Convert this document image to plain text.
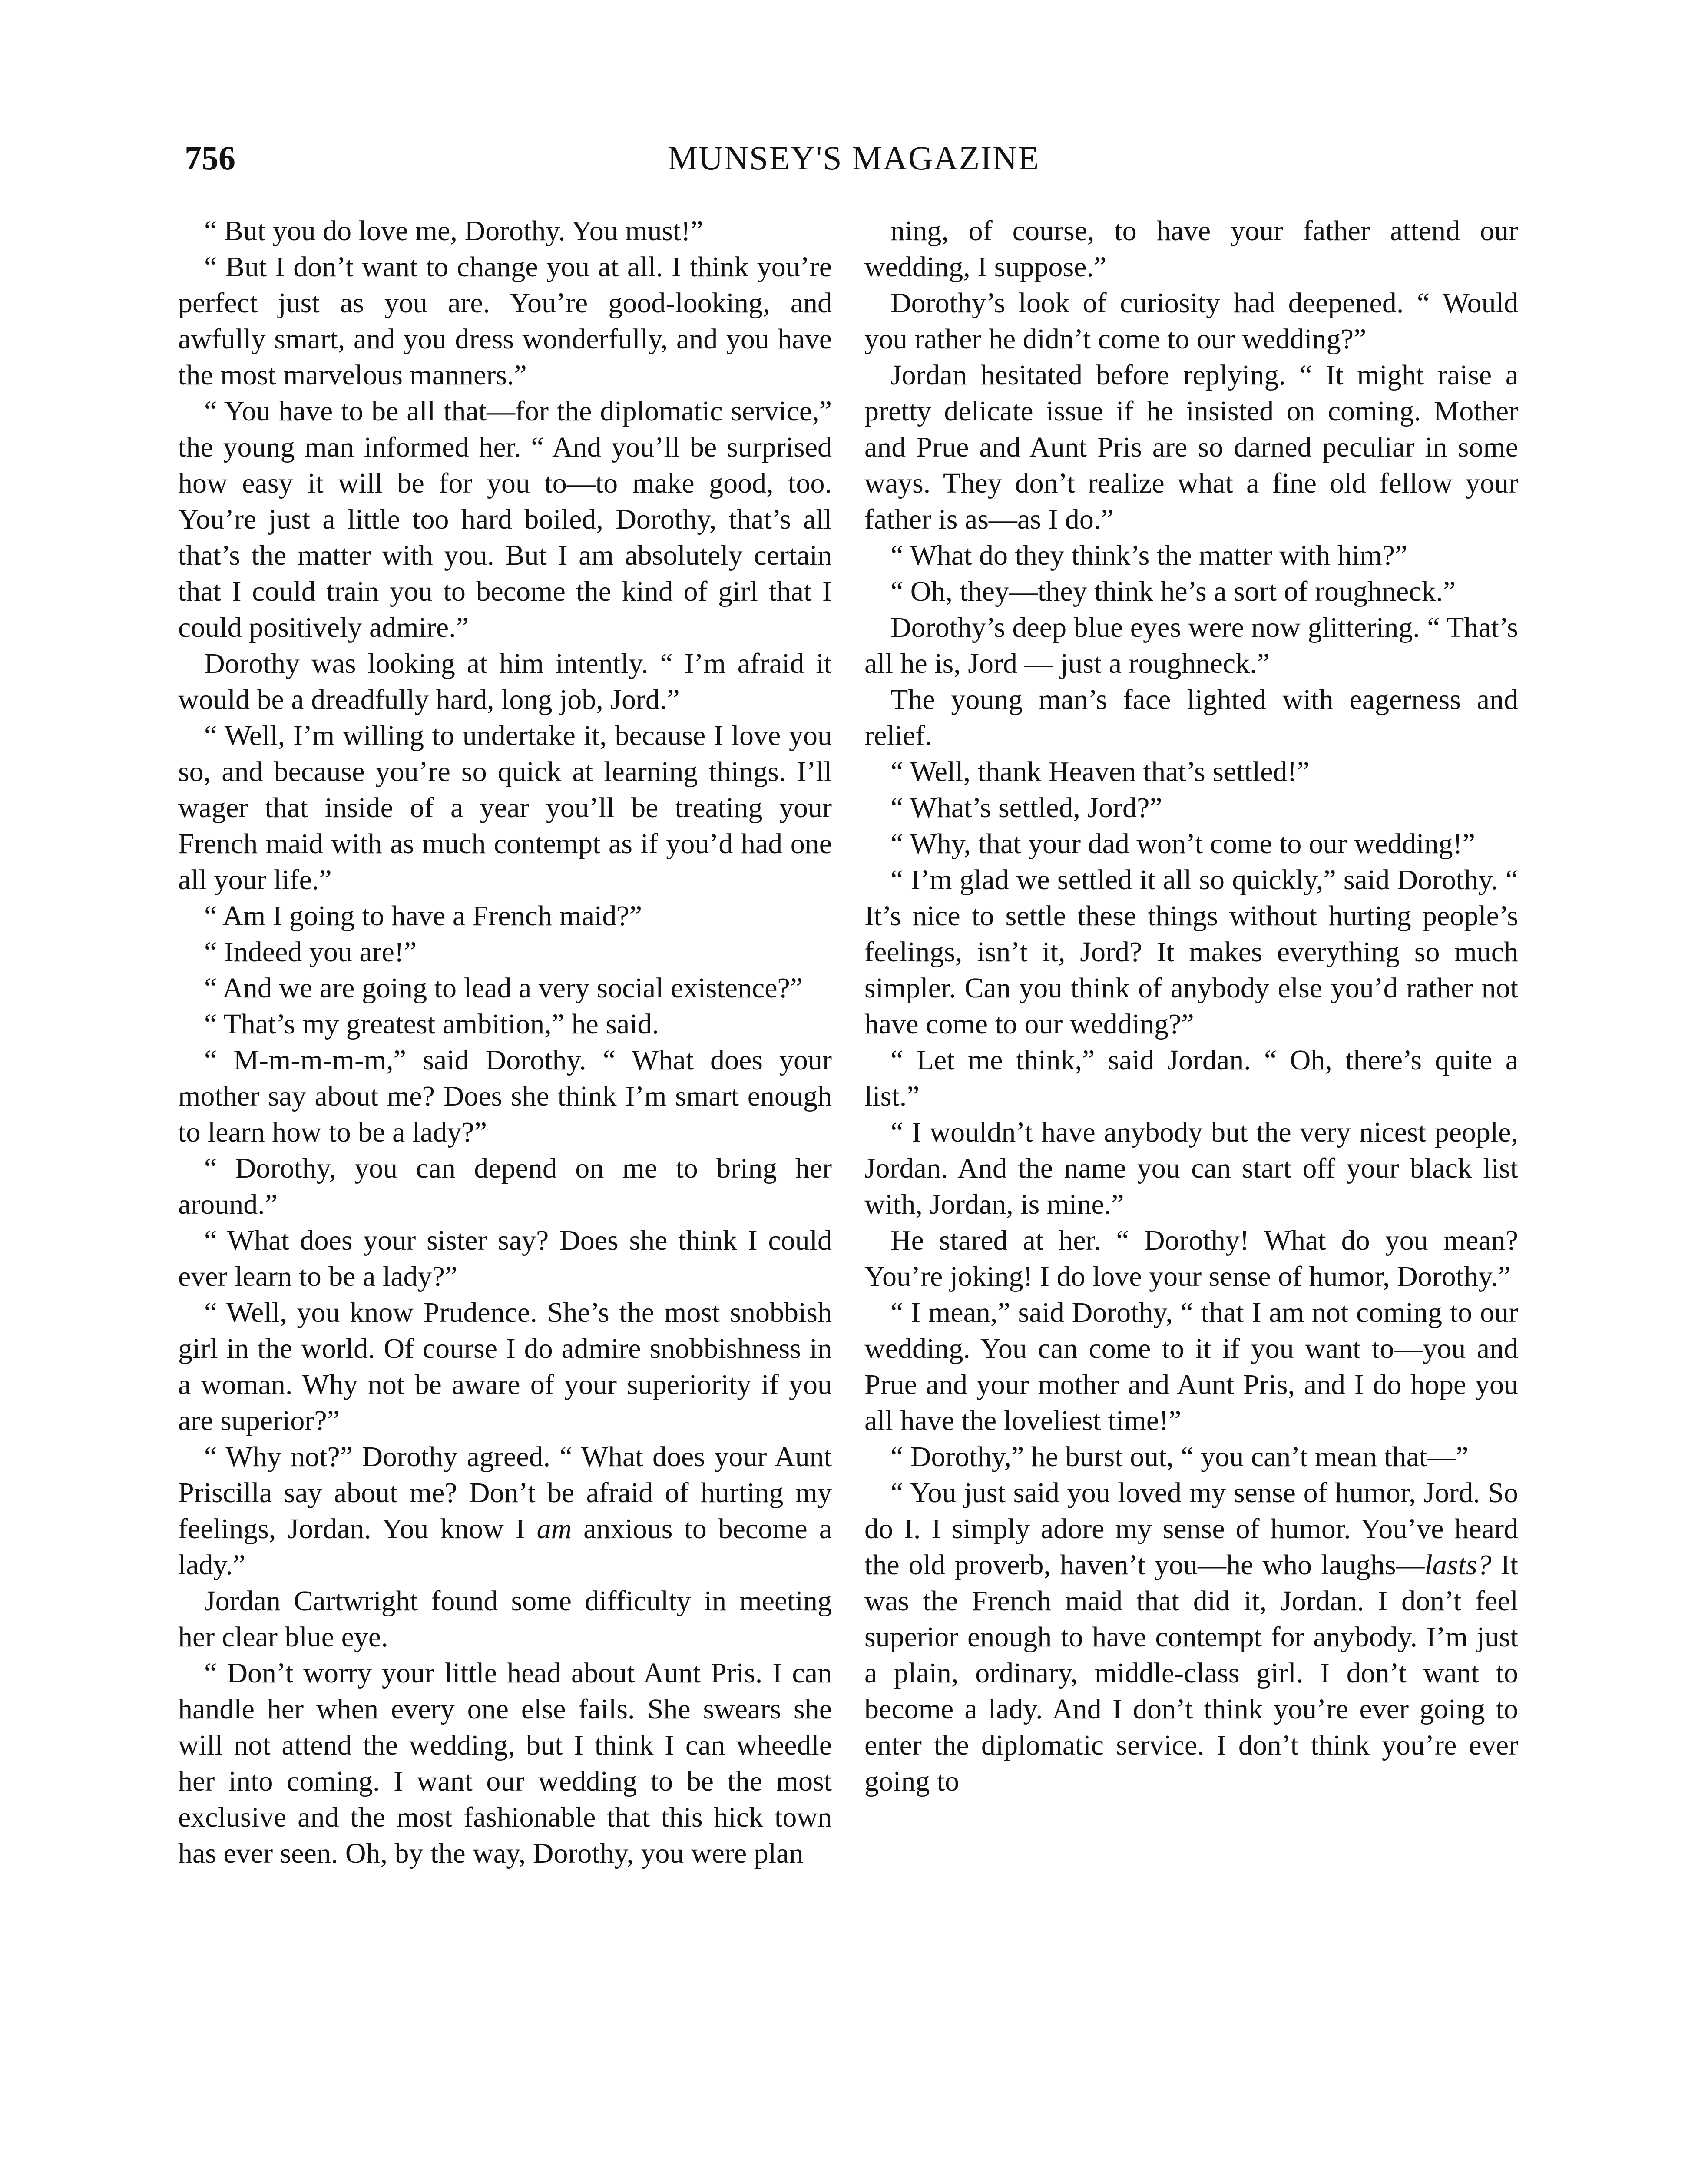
756	MUNSEY'S MAGAZINE

“ But you do love me, Dorothy. You must!”

“ But I don’t want to change you at all. I think you’re perfect just as you are. You’re good-looking, and awfully smart, and you dress wonderfully, and you have the most marvelous manners.”

“ You have to be all that—for the diplomatic service,” the young man informed her. “ And you’ll be surprised how easy it will be for you to—to make good, too. You’re just a little too hard boiled, Dorothy, that’s all that’s the matter with you. But I am absolutely certain that I could train you to become the kind of girl that I could positively admire.”

Dorothy was looking at him intently. “ I’m afraid it would be a dreadfully hard, long job, Jord.”

“ Well, I’m willing to undertake it, because I love you so, and because you’re so quick at learning things. I’ll wager that inside of a year you’ll be treating your French maid with as much contempt as if you’d had one all your life.”

“ Am I going to have a French maid?”

“ Indeed you are!”

“ And we are going to lead a very social existence?”

“ That’s my greatest ambition,” he said.

“ M-m-m-m-m,” said Dorothy. “ What does your mother say about me? Does she think I’m smart enough to learn how to be a lady?”

“ Dorothy, you can depend on me to bring her around.”

“ What does your sister say? Does she think I could ever learn to be a lady?”

“ Well, you know Prudence. She’s the most snobbish girl in the world. Of course I do admire snobbishness in a woman. Why not be aware of your superiority if you are superior?”

“ Why not?” Dorothy agreed. “ What does your Aunt Priscilla say about me? Don’t be afraid of hurting my feelings, Jordan. You know I am anxious to become a lady.”

Jordan Cartwright found some difficulty in meeting her clear blue eye.

“ Don’t worry your little head about Aunt Pris. I can handle her when every one else fails. She swears she will not attend the wedding, but I think I can wheedle her into coming. I want our wedding to be the most exclusive and the most fashionable that this hick town has ever seen. Oh, by the way, Dorothy, you were plan

ning, of course, to have your father attend our wedding, I suppose.”

Dorothy’s look of curiosity had deepened. “ Would you rather he didn’t come to our wedding?”

Jordan hesitated before replying. “ It might raise a pretty delicate issue if he insisted on coming. Mother and Prue and Aunt Pris are so darned peculiar in some ways. They don’t realize what a fine old fellow your father is as—as I do.”

“ What do they think’s the matter with him?”

“ Oh, they—they think he’s a sort of roughneck.”

Dorothy’s deep blue eyes were now glittering. “ That’s all he is, Jord — just a roughneck.”

The young man’s face lighted with eagerness and relief.

“ Well, thank Heaven that’s settled!”

“ What’s settled, Jord?”

“ Why, that your dad won’t come to our wedding!”

“ I’m glad we settled it all so quickly,” said Dorothy. “ It’s nice to settle these things without hurting people’s feelings, isn’t it, Jord? It makes everything so much simpler. Can you think of anybody else you’d rather not have come to our wedding?”

“ Let me think,” said Jordan. “ Oh, there’s quite a list.”

“ I wouldn’t have anybody but the very nicest people, Jordan. And the name you can start off your black list with, Jordan, is mine.”

He stared at her. “ Dorothy! What do you mean? You’re joking! I do love your sense of humor, Dorothy.”

“ I mean,” said Dorothy, “ that I am not coming to our wedding. You can come to it if you want to—you and Prue and your mother and Aunt Pris, and I do hope you all have the loveliest time!”

“ Dorothy,” he burst out, “ you can’t mean that—”

“ You just said you loved my sense of humor, Jord. So do I. I simply adore my sense of humor. You’ve heard the old proverb, haven’t you—he who laughs—lasts? It was the French maid that did it, Jordan. I don’t feel superior enough to have contempt for anybody. I’m just a plain, ordinary, middle-class girl. I don’t want to become a lady. And I don’t think you’re ever going to enter the diplomatic service. I don’t think you’re ever going to
